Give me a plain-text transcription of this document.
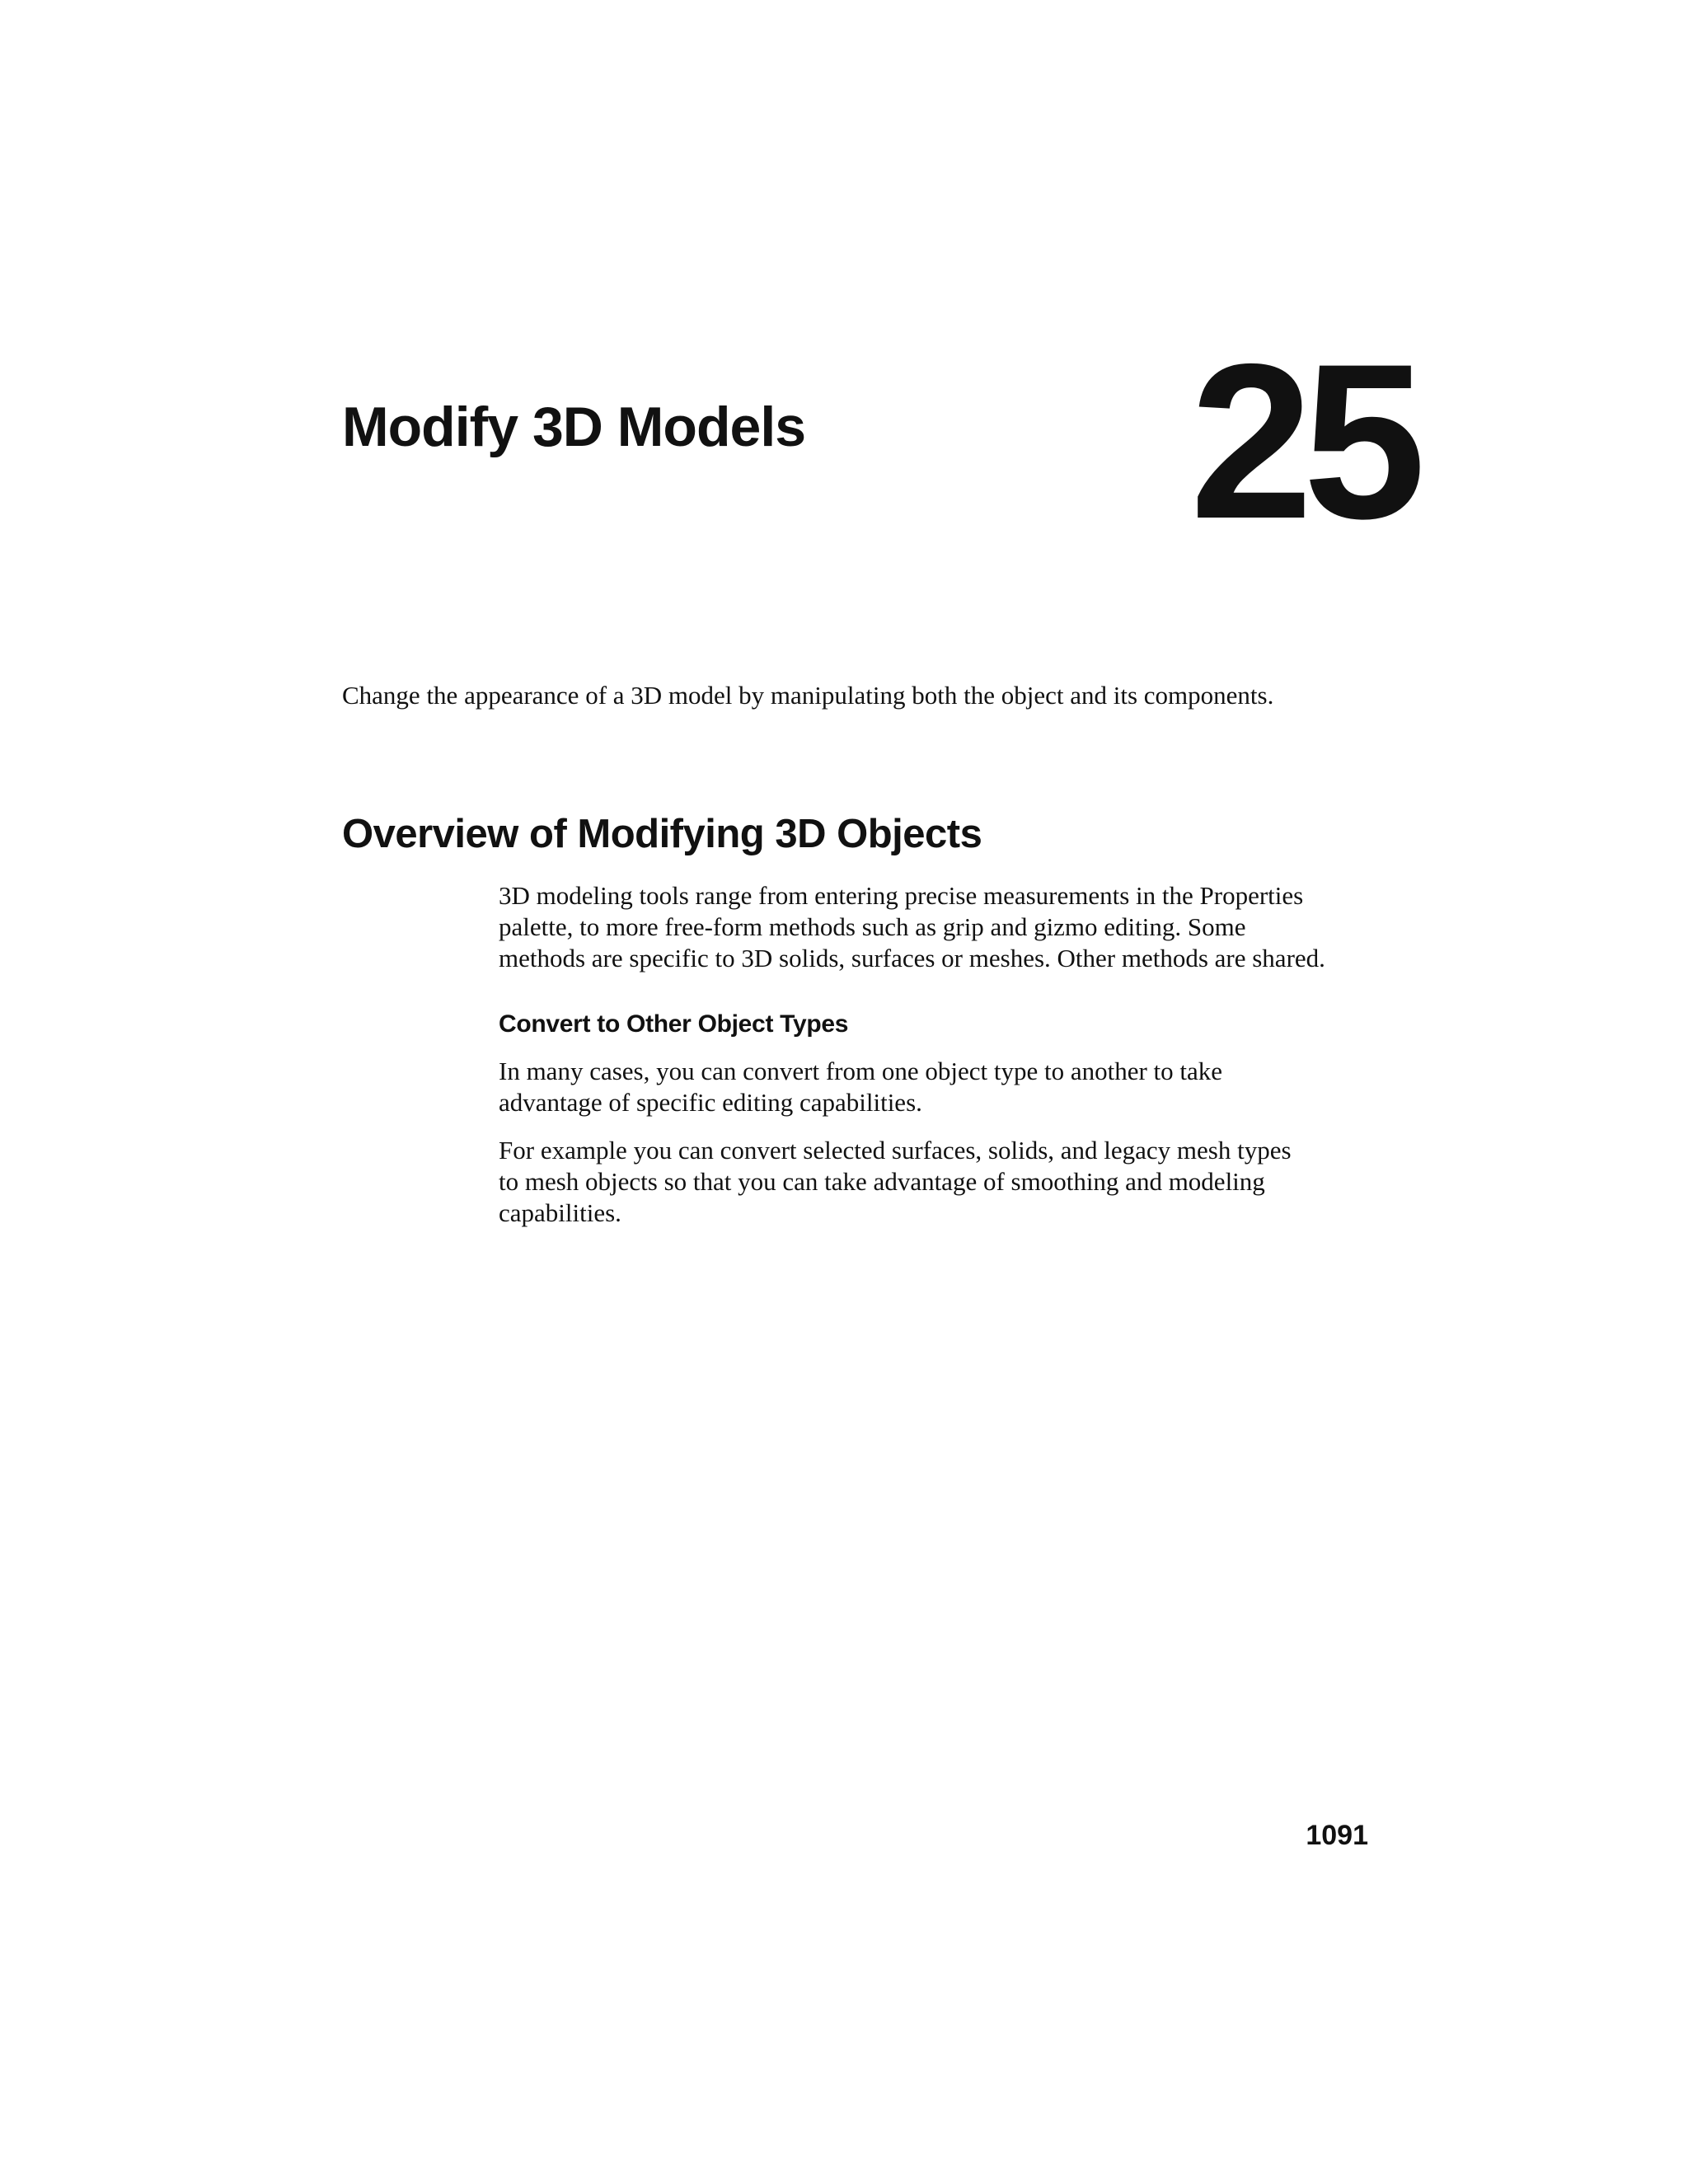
Modify 3D Models 25

Change the appearance of a 3D model by manipulating both the object and its components.

Overview of Modifying 3D Objects
3D modeling tools range from entering precise measurements in the Properties
palette, to more free-form methods such as grip and gizmo editing. Some
methods are specific to 3D solids, surfaces or meshes. Other methods are shared.
Convert to Other Object Types
In many cases, you can convert from one object type to another to take
advantage of specific editing capabilities.
For example you can convert selected surfaces, solids, and legacy mesh types
to mesh objects so that you can take advantage of smoothing and modeling
capabilities.
1091
